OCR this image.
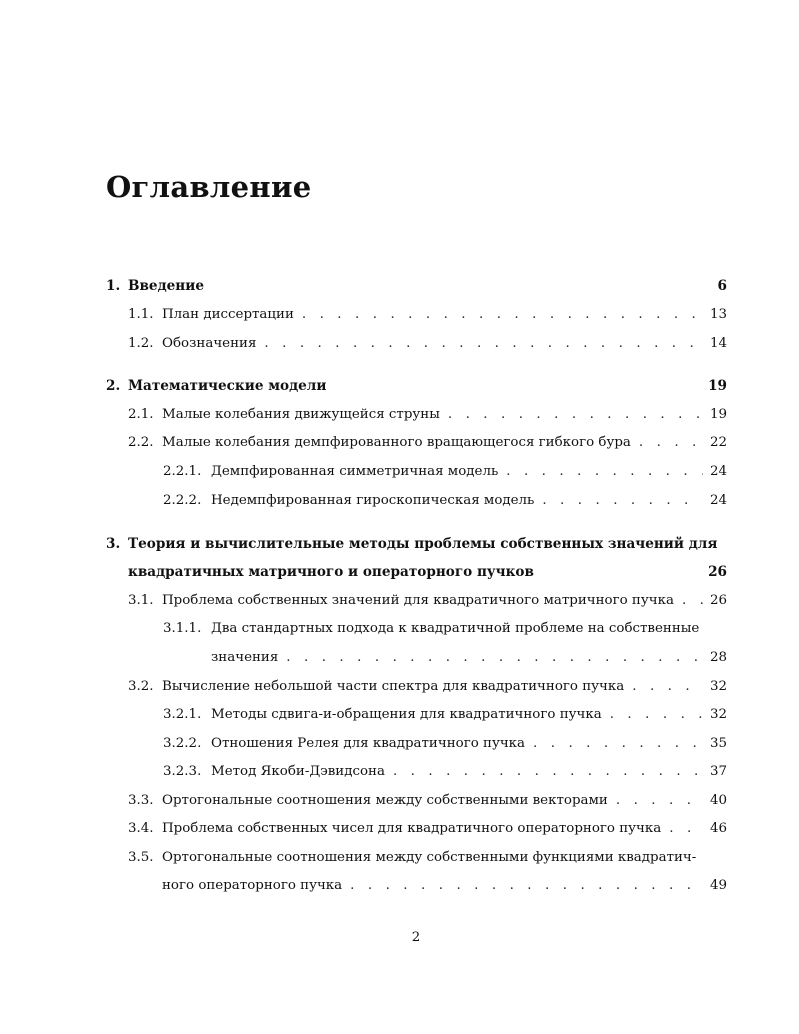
Оглавление
1. Введение	6
1.1. План диссертации . . .	13
1.2. Обозначения . . .	14
2. Математические модели	19
2.1. Малые колебания движущейся струны . . .	19
2.2. Малые колебания демпфированного вращающегося гибкого бура . . .	22
2.2.1. Демпфированная симметричная модель . . .	24
2.2.2. Недемпфированная гироскопическая модель . . .	24
3. Теория и вычислительные методы проблемы собственных значений для
квадратичных матричного и операторного пучков	26
3.1. Проблема собственных значений для квадратичного матричного пучка . . .	26
3.1.1. Два стандартных подхода к квадратичной проблеме на собственные
значения . . .	28
3.2. Вычисление небольшой части спектра для квадратичного пучка . . .	32
3.2.1. Методы сдвига-и-обращения для квадратичного пучка . . .	32
3.2.2. Отношения Релея для квадратичного пучка . . .	35
3.2.3. Метод Якоби-Дэвидсона . . .	37
3.3. Ортогональные соотношения между собственными векторами . . .	40
3.4. Проблема собственных чисел для квадратичного операторного пучка . . .	46
3.5. Ортогональные соотношения между собственными функциями квадратич-
ного операторного пучка . . .	49
2
